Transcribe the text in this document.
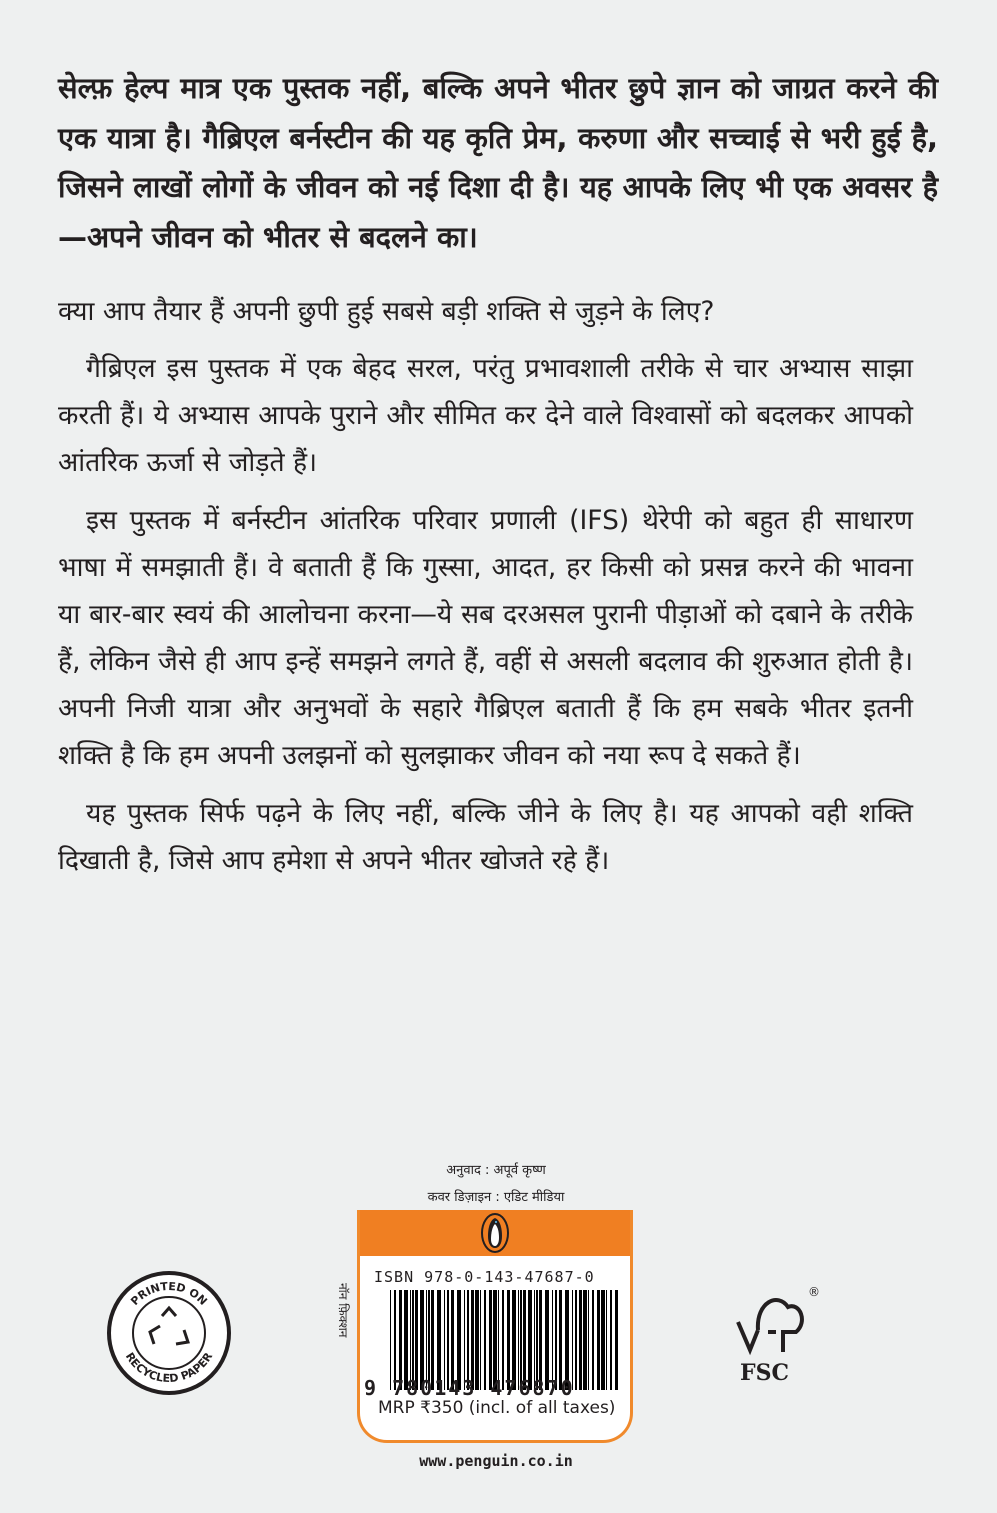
सेल्फ़ हेल्प मात्र एक पुस्तक नहीं, बल्कि अपने भीतर छुपे ज्ञान को जाग्रत करने की एक यात्रा है। गैब्रिएल बर्नस्टीन की यह कृति प्रेम, करुणा और सच्चाई से भरी हुई है, जिसने लाखों लोगों के जीवन को नई दिशा दी है। यह आपके लिए भी एक अवसर है—अपने जीवन को भीतर से बदलने का।

क्या आप तैयार हैं अपनी छुपी हुई सबसे बड़ी शक्ति से जुड़ने के लिए?

गैब्रिएल इस पुस्तक में एक बेहद सरल, परंतु प्रभावशाली तरीके से चार अभ्यास साझा करती हैं। ये अभ्यास आपके पुराने और सीमित कर देने वाले विश्वासों को बदलकर आपको आंतरिक ऊर्जा से जोड़ते हैं।

इस पुस्तक में बर्नस्टीन आंतरिक परिवार प्रणाली (IFS) थेरेपी को बहुत ही साधारण भाषा में समझाती हैं। वे बताती हैं कि गुस्सा, आदत, हर किसी को प्रसन्न करने की भावना या बार-बार स्वयं की आलोचना करना—ये सब दरअसल पुरानी पीड़ाओं को दबाने के तरीके हैं, लेकिन जैसे ही आप इन्हें समझने लगते हैं, वहीं से असली बदलाव की शुरुआत होती है। अपनी निजी यात्रा और अनुभवों के सहारे गैब्रिएल बताती हैं कि हम सबके भीतर इतनी शक्ति है कि हम अपनी उलझनों को सुलझाकर जीवन को नया रूप दे सकते हैं।

यह पुस्तक सिर्फ पढ़ने के लिए नहीं, बल्कि जीने के लिए है। यह आपको वही शक्ति दिखाती है, जिसे आप हमेशा से अपने भीतर खोजते रहे हैं।

अनुवाद : अपूर्व कृष्ण
कवर डिज़ाइन : एडिट मीडिया
नॉन फ़िक्शन
ISBN 978-0-143-47687-0
9 780143 476870
MRP ₹350 (incl. of all taxes)
www.penguin.co.in
PRINTED ON
RECYCLED PAPER
®
FSC
